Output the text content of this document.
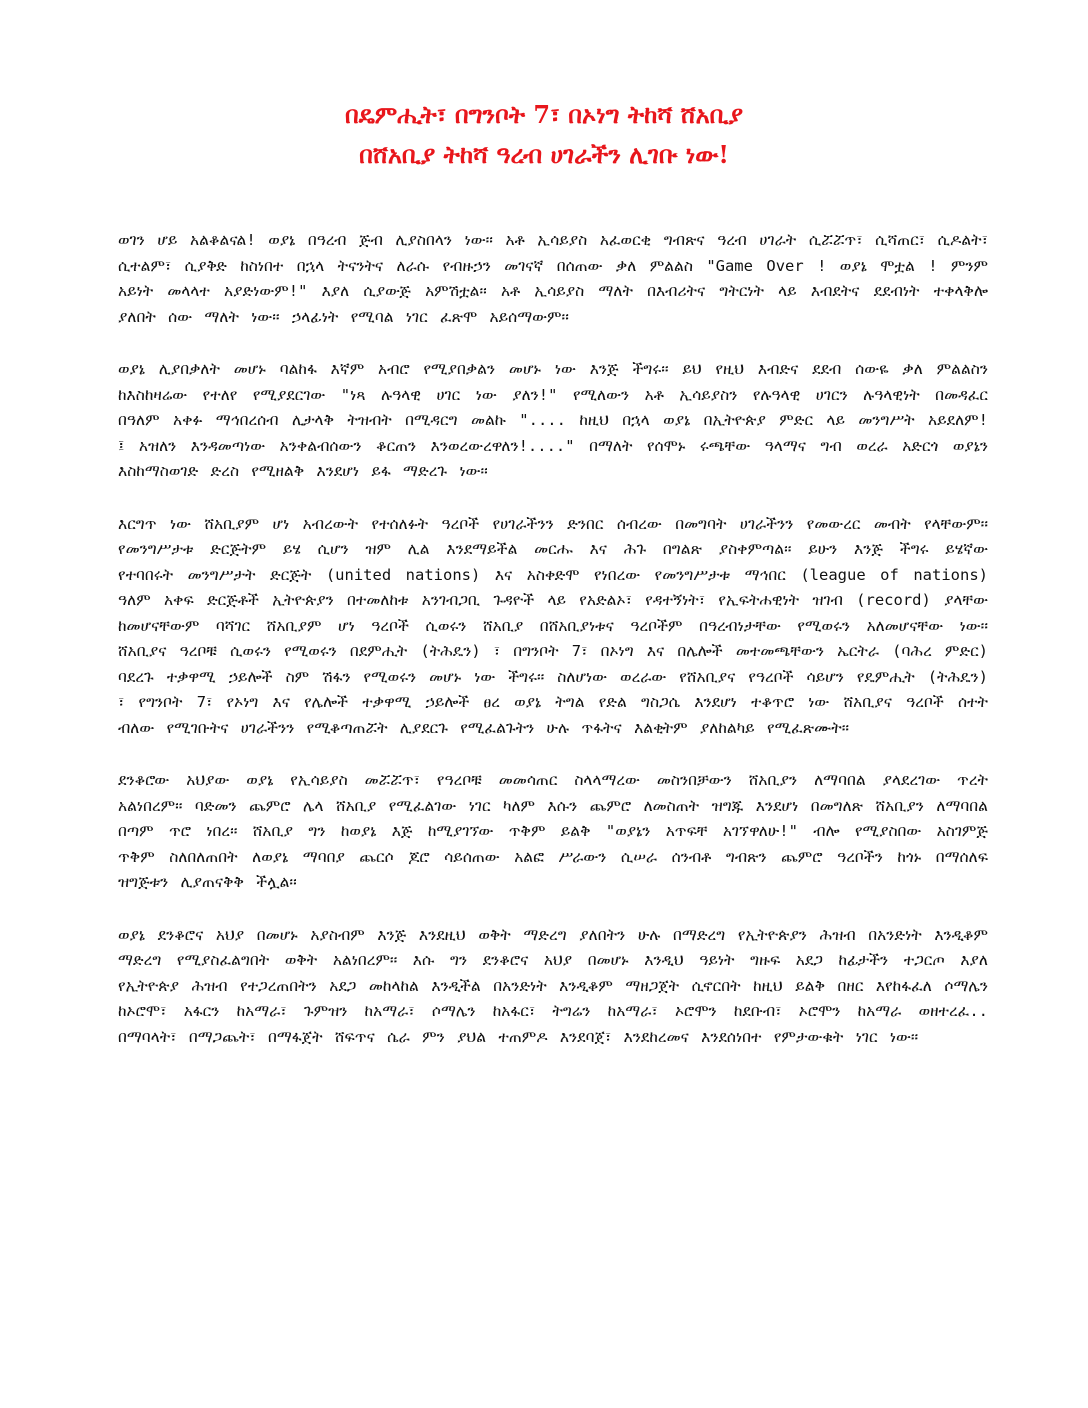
በዴምሒት፣ በግንቦት 7፣ በኦነግ ትከሻ ሸአቢያ
በሸአቢያ ትከሻ ዓረብ ሀገራችን ሊገቡ ነው!

ወገን ሆይ አልቆልናል! ወያኔ በዓረብ ጅብ ሊያስበላን ነው፡፡ አቶ ኢሳይያስ አፈወርቂ ግብጽና ዓረብ ሀገራት ሲሯሯጥ፣ ሲሻጠር፣ ሲዶልት፣ ሲተልም፣ ሲያቅድ ከስነበተ በኋላ ትናንትና ለራሱ የብዙኃን መገናኛ በሰጠው ቃለ ምልልስ "Game Over ! ወያኔ ሞቷል ! ምንም አይነት መላላተ አያድነውም!" እያለ ሲያውጅ አምሽቷል፡፡ አቶ ኢሳይያስ ማለት በእብሪትና ግትርነት ላይ እብደትና ደደብነት ተቀላቅሎ ያለበት ሰው ማለት ነው፡፡ ኃላፊነት የሚባል ነገር ፈጽሞ አይሰማውም፡፡

ወያኔ ሊያበቃለት መሆኑ ባልከፋ እኛም አብሮ የሚያበቃልን መሆኑ ነው እንጅ ችግሩ፡፡ ይህ የዚህ እብድና ደደብ ሰውዬ ቃለ ምልልስን ከእስከዛሬው የተለየ የሚያደርገው "ነጻ ሉዓላዊ ሀገር ነው ያለን!" የሚለውን አቶ ኢሳይያስን የሉዓላዊ ሀገርን ሉዓላዊነት በመዳፈር በዓለም አቀፉ ማኅበረሰብ ሊታላቅ ትዝብት በሚዳርግ መልኩ ".... ከዚህ በኋላ ወያኔ በኢትዮጵያ ምድር ላይ መንግሥት አይደለም! ፤ አዝለን እንዳመጣነው አንቀልብሰውን ቆርጠን እንወረውረዋለን!...." በማለት የሰሞኑ ሩጫቸው ዓላማና ግብ ወረራ አድርጎ ወያኔን እስከማስወገድ ድረስ የሚዘልቅ እንደሆነ ይፋ ማድረጉ ነው፡፡

እርግጥ ነው ሸአቢያም ሆነ አብረውት የተሰለፉት ዓረቦች የሀገራችንን ድንበር ሰብረው በመግባት ሀገራችንን የመውረር መብት የላቸውም፡፡ የመንግሥታቱ ድርጅትም ይሄ ሲሆን ዝም ሊል እንደማይችል መርሑ እና ሕጉ በግልጽ ያስቀምጣል፡፡ ይሁን እንጅ ችግሩ ይሄኛው የተባበሩት መንግሥታት ድርጅት (united nations) እና አስቀድሞ የነበረው የመንግሥታቱ ማኅበር (league of nations) ዓለም አቀፍ ድርጅቶች ኢትዮጵያን በተመለከቱ አንገብጋቢ ጉዳዮች ላይ የአድልኦ፣ የዳተኝነት፣ የኢፍትሐዊነት ዝገብ (record) ያላቸው ከመሆናቸውም ባሻገር ሸአቢያም ሆነ ዓረቦች ሲወሩን ሸአቢያ በሸአቢያነቱና ዓረቦችም በዓረብነታቸው የሚወሩን አለመሆናቸው ነው፡፡ ሸአቢያና ዓረቦቹ ሲወሩን የሚወሩን በደምሒት (ትሕዴን) ፣ በግንቦት 7፣ በኦነግ እና በሌሎች መተመጫቸውን ኤርትራ (ባሕረ ምድር) ባደረጉ ተቃዋሚ ኃይሎች ስም ሽፋን የሚወሩን መሆኑ ነው ችግሩ፡፡ ስለሆነው ወረራው የሸአቢያና የዓረቦች ሳይሆን የዴምሒት (ትሕዴን) ፣ የግንቦት 7፣ የኦነግ እና የሌሎች ተቃዋሚ ኃይሎች ፀረ ወያኔ ትግል የድል ግስጋሴ እንደሆነ ተቆጥሮ ነው ሸአቢያና ዓረቦች ሰተት ብለው የሚገቡትና ሀገራችንን የሚቆጣጠሯት ሊያደርጉ የሚፈልጉትን ሁሉ ጥፋትና እልቂትም ያለከልካይ የሚፈጽሙት፡፡

ደንቆሮው አህያው ወያኔ የኢሳይያስ መሯሯጥ፣ የዓረቦቹ መመሳጠር ስላላማረው መስንበቻውን ሸአቢያን ለማባበል ያላደረገው ጥረት አልነበረም፡፡ ባድመን ጨምሮ ሌላ ሸአቢያ የሚፈልገው ነገር ካለም እሱን ጨምሮ ለመስጠት ዝግጁ እንደሆነ በመግለጽ ሸአቢያን ለማባበል በጣም ጥሮ ነበረ፡፡ ሸአቢያ ግን ከወያኔ እጅ ከሚያገኘው ጥቅም ይልቅ "ወያኔን አጥፍቸ አገኘዋለሁ!" ብሎ የሚያስበው አስገምጅ ጥቅም ስለበለጠበት ለወያኔ ማባበያ ጨርሶ ጆሮ ሳይሰጠው አልፎ ሥራውን ሲሠራ ሰንብቶ ግብጽን ጨምሮ ዓረቦችን ከጎኑ በማሰለፍ ዝግጅቱን ሊያጠናቅቅ ችሏል፡፡

ወያኔ ደንቆሮና አህያ በመሆኑ አያስብም እንጅ እንደዚህ ወቅት ማድረግ ያለበትን ሁሉ በማድረግ የኢትዮጵያን ሕዝብ በአንድነት እንዲቆም ማድረግ የሚያስፈልግበት ወቅት አልነበረም፡፡ እሱ ግን ደንቆሮና አህያ በመሆኑ እንዲህ ዓይነት ግዙፍ አደጋ ከፊታችን ተጋርጦ እያለ የኢትዮጵያ ሕዝብ የተጋረጠበትን አደጋ መከላከል እንዲችል በአንድነት እንዲቆም ማዘጋጀት ሲኖርበት ከዚህ ይልቅ በዘር እየከፋፈለ ሶማሌን ከኦሮሞ፣ አፋርን ከአማራ፣ ጉምዝን ከአማራ፣ ሶማሌን ከአፋር፣ ትግሬን ከአማራ፣ ኦሮሞን ከደቡብ፣ ኦሮሞን ከአማራ ወዘተረፈ.. በማባላት፣ በማጋጨት፣ በማፋጀት ሸፍጥና ሴራ ምን ያህል ተጠምዶ እንደባጀ፣ እንደከረመና እንደሰነበተ የምታውቁት ነገር ነው፡፡
